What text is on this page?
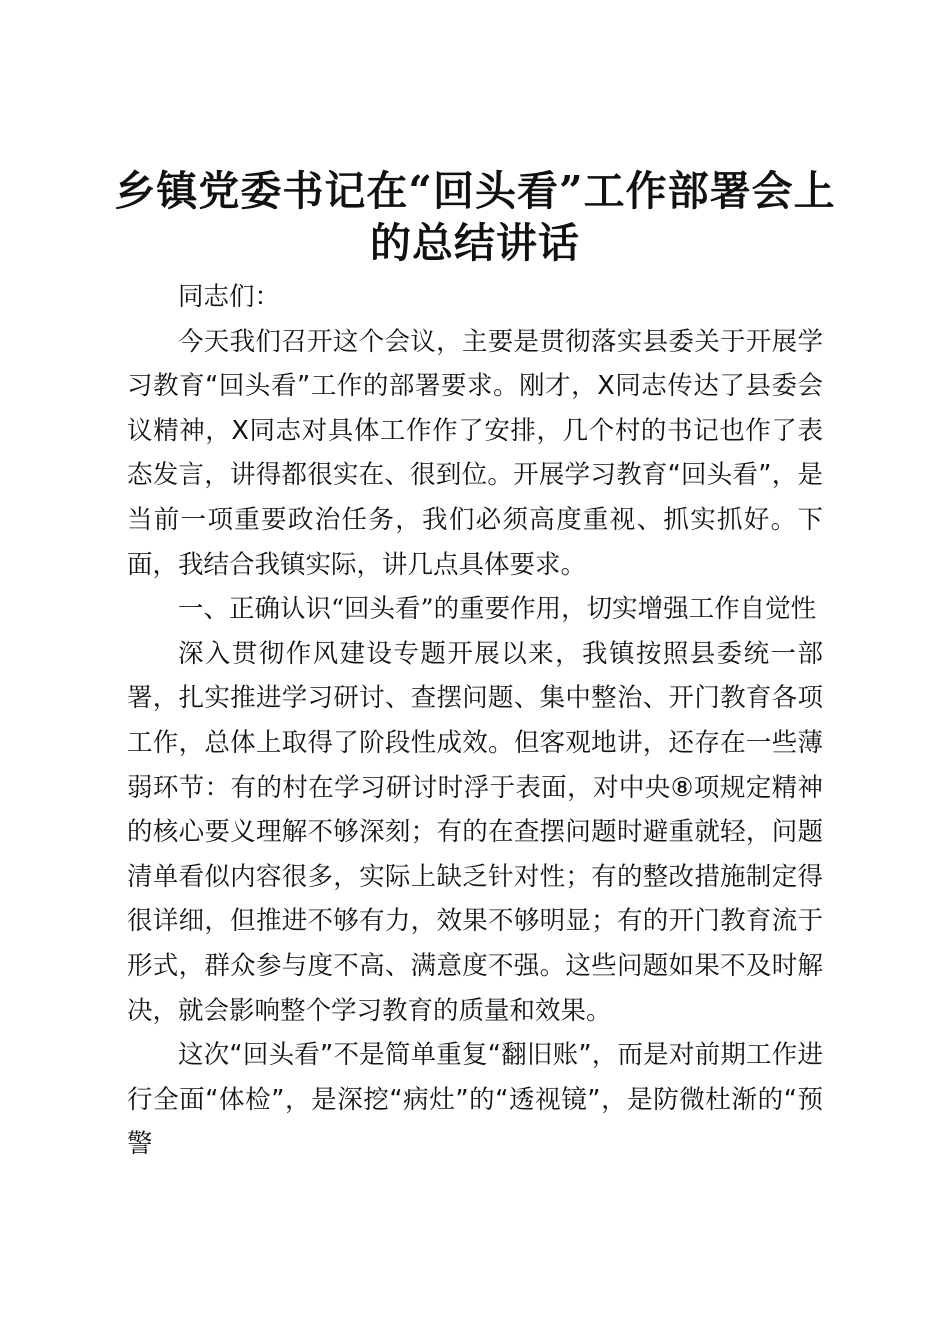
乡镇党委书记在“回头看”工作部署会上的总结讲话

同志们：

今天我们召开这个会议，主要是贯彻落实县委关于开展学习教育“回头看”工作的部署要求。刚才，X同志传达了县委会议精神，X同志对具体工作作了安排，几个村的书记也作了表态发言，讲得都很实在、很到位。开展学习教育“回头看”，是当前一项重要政治任务，我们必须高度重视、抓实抓好。下面，我结合我镇实际，讲几点具体要求。

一、正确认识“回头看”的重要作用，切实增强工作自觉性

深入贯彻作风建设专题开展以来，我镇按照县委统一部署，扎实推进学习研讨、查摆问题、集中整治、开门教育各项工作，总体上取得了阶段性成效。但客观地讲，还存在一些薄弱环节：有的村在学习研讨时浮于表面，对中央⑧项规定精神的核心要义理解不够深刻；有的在查摆问题时避重就轻，问题清单看似内容很多，实际上缺乏针对性；有的整改措施制定得很详细，但推进不够有力，效果不够明显；有的开门教育流于形式，群众参与度不高、满意度不强。这些问题如果不及时解决，就会影响整个学习教育的质量和效果。

这次“回头看”不是简单重复“翻旧账”，而是对前期工作进行全面“体检”，是深挖“病灶”的“透视镜”，是防微杜渐的“预警
